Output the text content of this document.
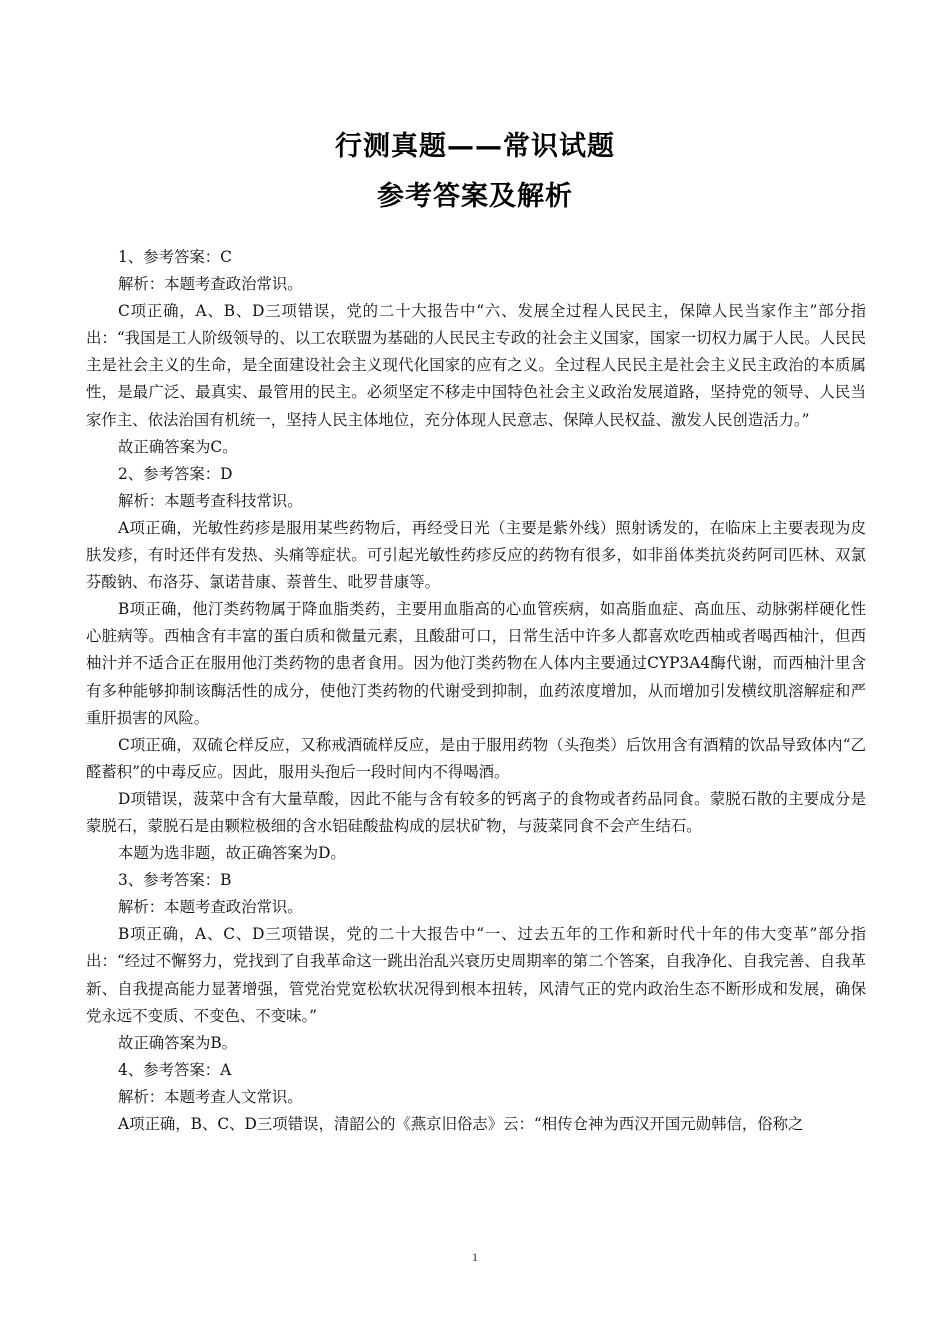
行测真题——常识试题
参考答案及解析

1、参考答案：C

解析：本题考查政治常识。

C项正确，A、B、D三项错误，党的二十大报告中“六、发展全过程人民民主，保障人民当家作主”部分指出：“我国是工人阶级领导的、以工农联盟为基础的人民民主专政的社会主义国家，国家一切权力属于人民。人民民主是社会主义的生命，是全面建设社会主义现代化国家的应有之义。全过程人民民主是社会主义民主政治的本质属性，是最广泛、最真实、最管用的民主。必须坚定不移走中国特色社会主义政治发展道路，坚持党的领导、人民当家作主、依法治国有机统一，坚持人民主体地位，充分体现人民意志、保障人民权益、激发人民创造活力。”

故正确答案为C。

2、参考答案：D

解析：本题考查科技常识。

A项正确，光敏性药疹是服用某些药物后，再经受日光（主要是紫外线）照射诱发的，在临床上主要表现为皮肤发疹，有时还伴有发热、头痛等症状。可引起光敏性药疹反应的药物有很多，如非甾体类抗炎药阿司匹林、双氯芬酸钠、布洛芬、氯诺昔康、萘普生、吡罗昔康等。

B项正确，他汀类药物属于降血脂类药，主要用血脂高的心血管疾病，如高脂血症、高血压、动脉粥样硬化性心脏病等。西柚含有丰富的蛋白质和微量元素，且酸甜可口，日常生活中许多人都喜欢吃西柚或者喝西柚汁，但西柚汁并不适合正在服用他汀类药物的患者食用。因为他汀类药物在人体内主要通过CYP3A4酶代谢，而西柚汁里含有多种能够抑制该酶活性的成分，使他汀类药物的代谢受到抑制，血药浓度增加，从而增加引发横纹肌溶解症和严重肝损害的风险。

C项正确，双硫仑样反应，又称戒酒硫样反应，是由于服用药物（头孢类）后饮用含有酒精的饮品导致体内“乙醛蓄积”的中毒反应。因此，服用头孢后一段时间内不得喝酒。

D项错误，菠菜中含有大量草酸，因此不能与含有较多的钙离子的食物或者药品同食。蒙脱石散的主要成分是蒙脱石，蒙脱石是由颗粒极细的含水铝硅酸盐构成的层状矿物，与菠菜同食不会产生结石。

本题为选非题，故正确答案为D。

3、参考答案：B

解析：本题考查政治常识。

B项正确，A、C、D三项错误，党的二十大报告中“一、过去五年的工作和新时代十年的伟大变革”部分指出：“经过不懈努力，党找到了自我革命这一跳出治乱兴衰历史周期率的第二个答案，自我净化、自我完善、自我革新、自我提高能力显著增强，管党治党宽松软状况得到根本扭转，风清气正的党内政治生态不断形成和发展，确保党永远不变质、不变色、不变味。”

故正确答案为B。

4、参考答案：A

解析：本题考查人文常识。

A项正确，B、C、D三项错误，清韶公的《燕京旧俗志》云：“相传仓神为西汉开国元勋韩信，俗称之

1
